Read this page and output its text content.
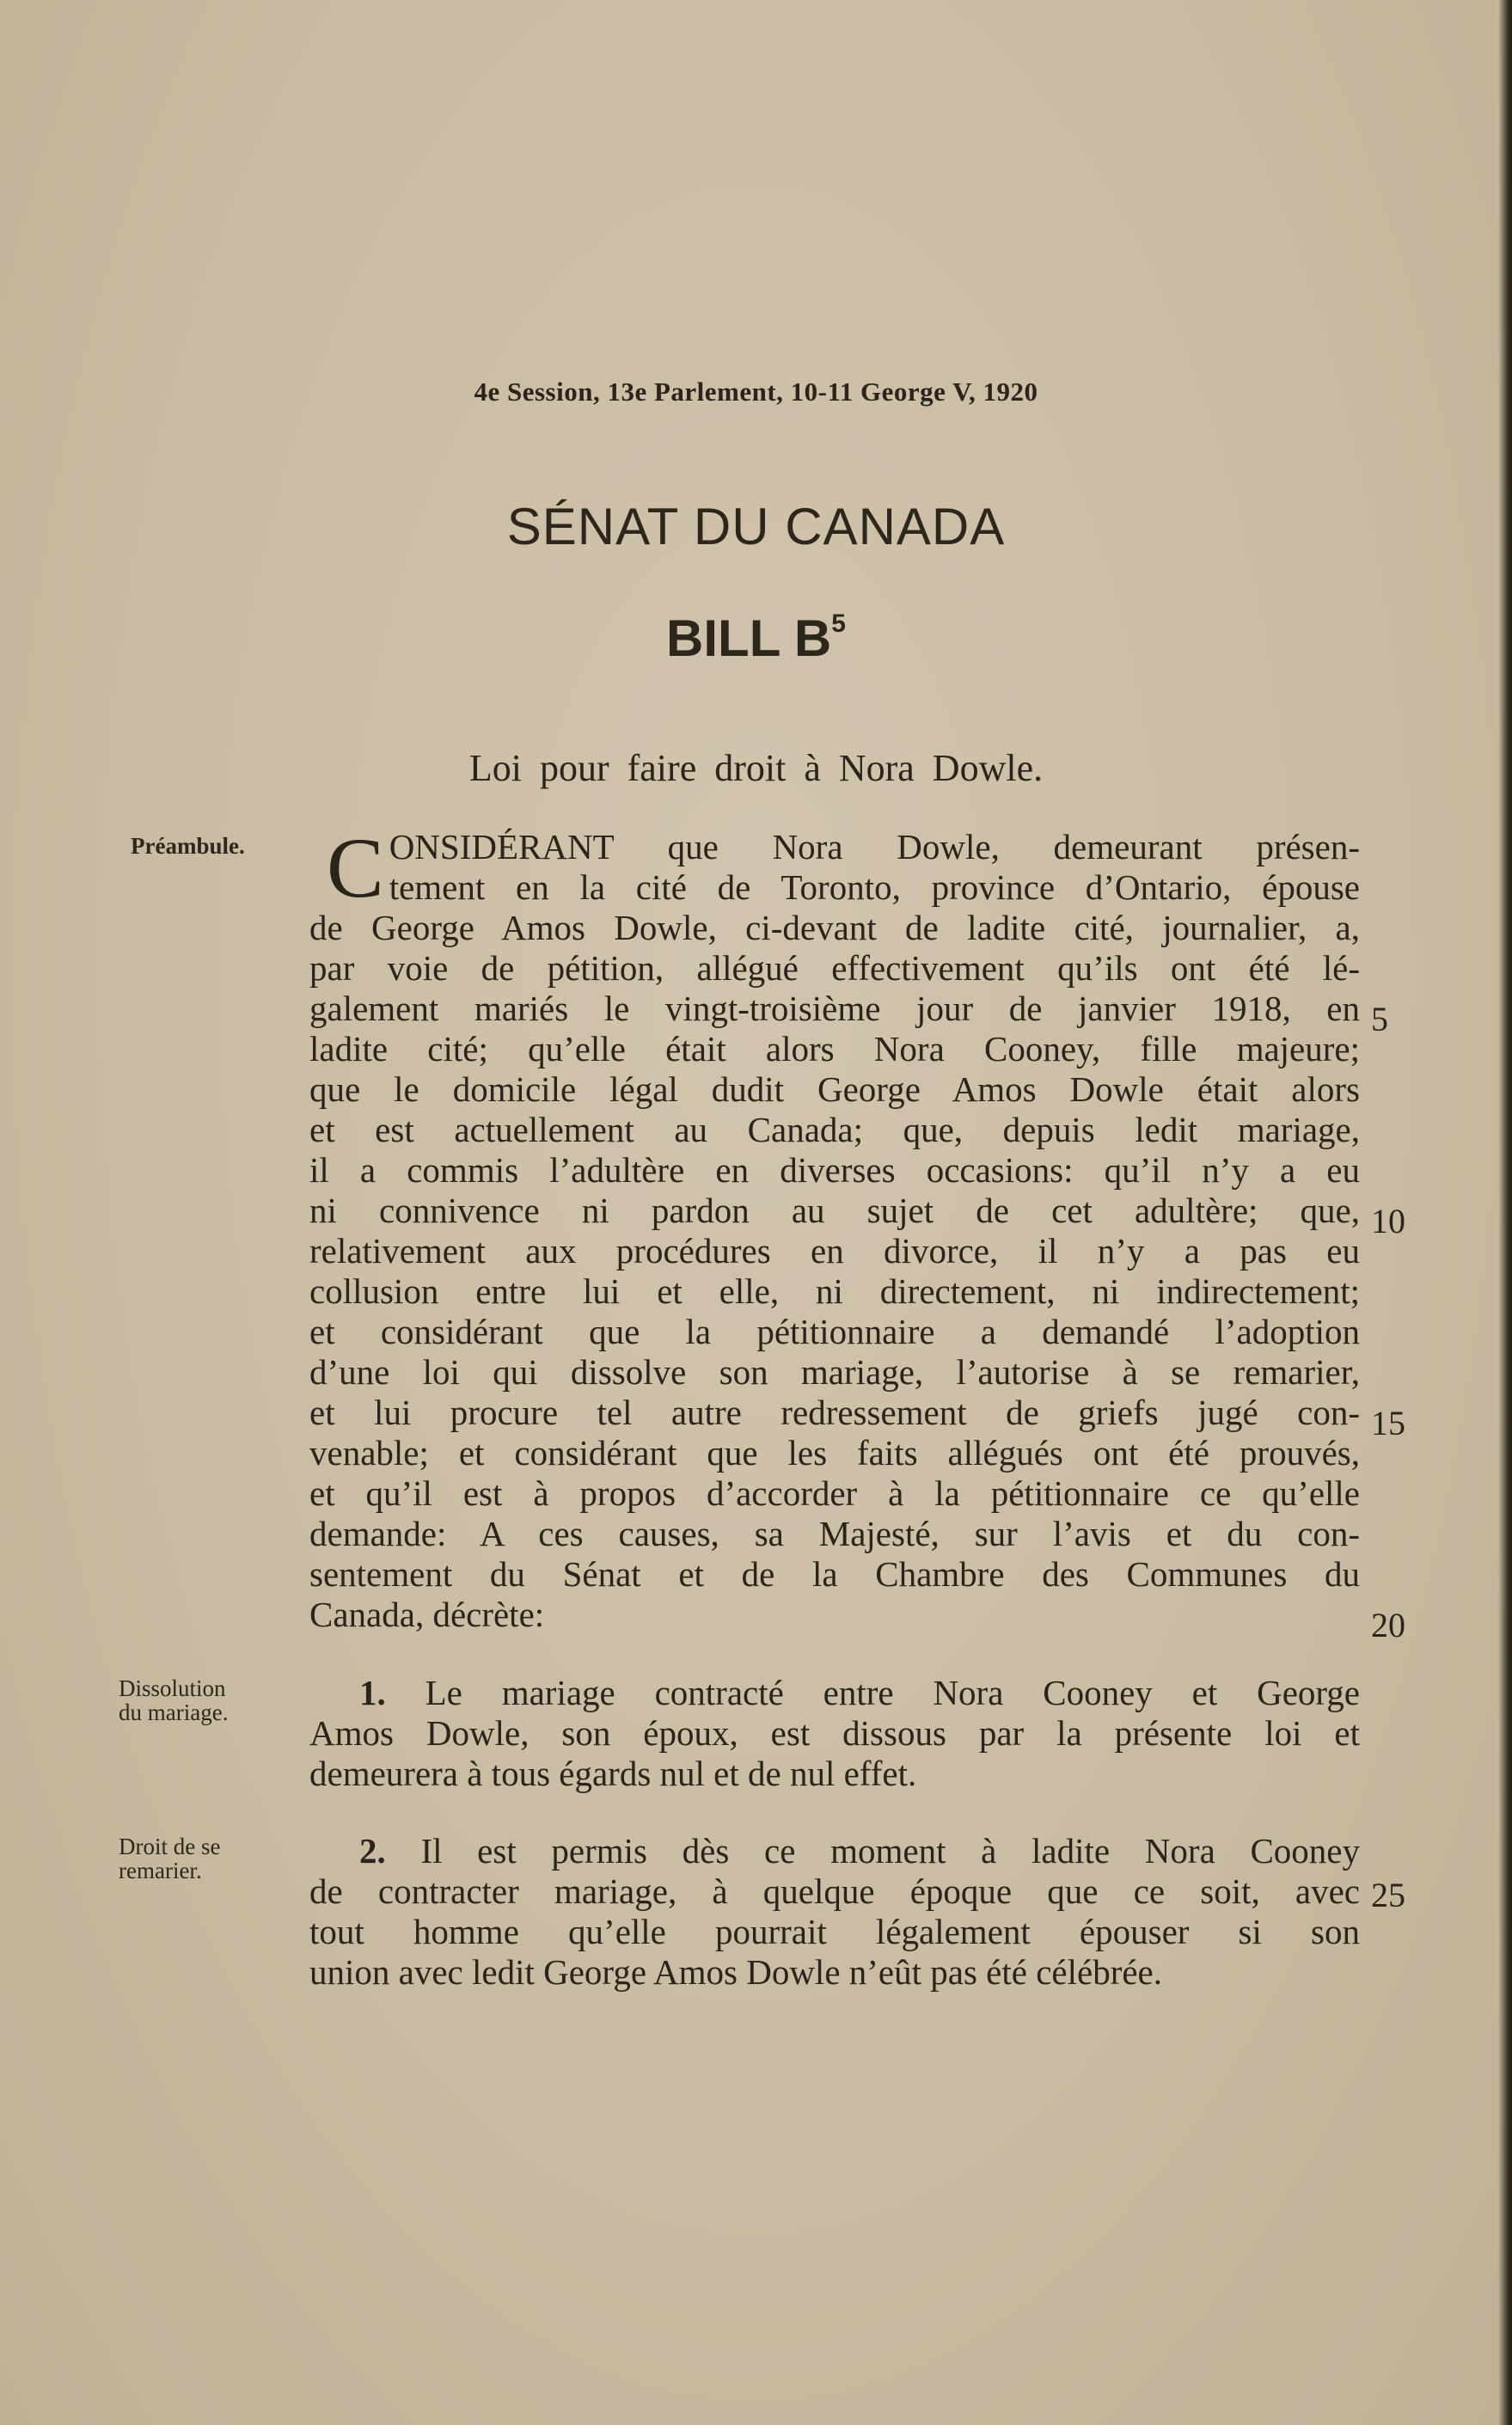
4e Session, 13e Parlement, 10-11 George V, 1920
SÉNAT DU CANADA
BILL $B^5$
Loi pour faire droit à Nora Dowle.
Préambule.
Dissolution
du mariage.
Droit de se
remarier.
C ONSIDÉRANT que Nora Dowle, demeurant présen-
tement en la cité de Toronto, province d’Ontario, épouse
de George Amos Dowle, ci-devant de ladite cité, journalier, a,
par voie de pétition, allégué effectivement qu’ils ont été lé-
galement mariés le vingt-troisième jour de janvier 1918, en
ladite cité; qu’elle était alors Nora Cooney, fille majeure;
que le domicile légal dudit George Amos Dowle était alors
et est actuellement au Canada; que, depuis ledit mariage,
il a commis l’adultère en diverses occasions: qu’il n’y a eu
ni connivence ni pardon au sujet de cet adultère; que,
relativement aux procédures en divorce, il n’y a pas eu
collusion entre lui et elle, ni directement, ni indirectement;
et considérant que la pétitionnaire a demandé l’adoption
d’une loi qui dissolve son mariage, l’autorise à se remarier,
et lui procure tel autre redressement de griefs jugé con-
venable; et considérant que les faits allégués ont été prouvés,
et qu’il est à propos d’accorder à la pétitionnaire ce qu’elle
demande: A ces causes, sa Majesté, sur l’avis et du con-
sentement du Sénat et de la Chambre des Communes du
Canada, décrète:
1. Le mariage contracté entre Nora Cooney et George
Amos Dowle, son époux, est dissous par la présente loi et
demeurera à tous égards nul et de nul effet.
2. Il est permis dès ce moment à ladite Nora Cooney
de contracter mariage, à quelque époque que ce soit, avec
tout homme qu’elle pourrait légalement épouser si son
union avec ledit George Amos Dowle n’eût pas été célébrée.
5
10
15
20
25
